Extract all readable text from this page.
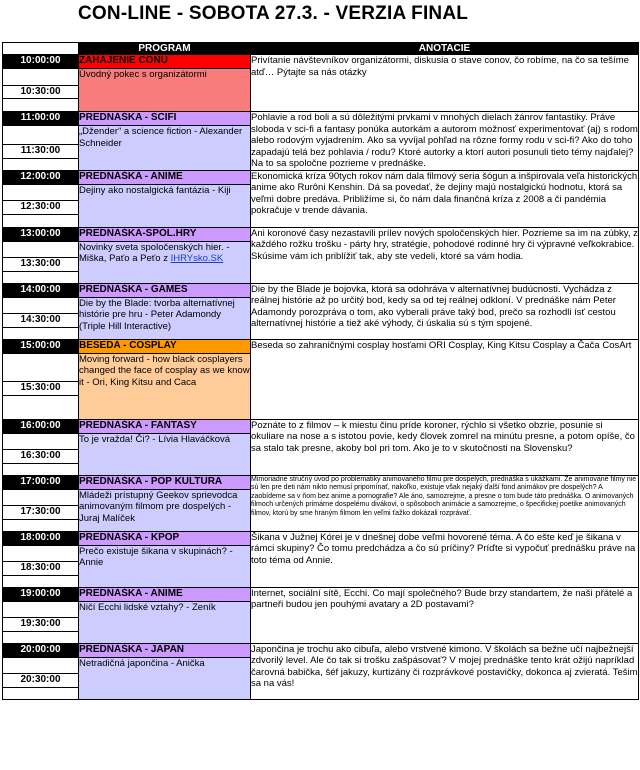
CON-LINE - SOBOTA 27.3. - VERZIA FINAL
	PROGRAM	ANOTACIE
10:00:00	ZAHÁJENIE CONU	Privítanie návštevníkov organizátormi, diskusia o stave conov, čo robíme, na čo sa tešíme atď… Pýtajte sa nás otázky
	Úvodný pokec s organizátormi	
10:30:00		

11:00:00	PREDNÁŠKA - SCIFI	Pohlavie a rod boli a sú dôležitými prvkami v mnohých dielach žánrov fantastiky. Práve sloboda v sci-fi a fantasy ponúka autorkám a autorom možnosť experimentovať (aj) s rodom alebo rodovým vyjadrením. Ako sa vyvíjal pohľad na rôzne formy rodu v sci-fi? Ako do toho zapadajú telá bez pohlavia / rodu? Ktoré autorky a ktorí autori posunuli tieto témy najďalej? Na to sa spoločne pozrieme v prednáške.
	„Džender“ a science fiction - Alexander Schneider	
11:30:00		

12:00:00	PREDNÁŠKA - ANIME	Ekonomická kríza 90tych rokov nám dala filmový seria šógun a inšpirovala veľa historických anime ako Rurôni Kenshin. Dá sa povedať, že dejiny majú nostalgickú hodnotu, ktorá sa veľmi dobre predáva. Približíme si, čo nám dala finančná kríza z 2008 a či pandémia pokračuje v trende dávania.
	Dejiny ako nostalgická fantázia - Kiji	
12:30:00		

13:00:00	PREDNÁŠKA-SPOL.HRY	Ani koronové časy nezastavili prílev nových spoločenských hier. Pozrieme sa im na zúbky, z každého rožku trošku - párty hry, stratégie, pohodové rodinné hry či výpravné veľkokrabice. Skúsime vám ich priblížiť tak, aby ste vedeli, ktoré sa vám hodia.
	Novinky sveta spoločenských hier. - Miška, Paťo a Peťo z IHRYsko.SK	
13:30:00		

14:00:00	PREDNÁŠKA - GAMES	Die by the Blade je bojovka, ktorá sa odohráva v alternatívnej budúcnosti. Vychádza z reálnej histórie až po určitý bod, kedy sa od tej reálnej odkloní. V prednáške nám Peter Adamondy porozpráva o tom, ako vyberali práve taký bod, prečo sa rozhodli ísť cestou alternatívnej histórie a tiež aké výhody, či úskalia sú s tým spojené.
	Die by the Blade: tvorba alternatívnej histórie pre hru - Peter Adamondy (Triple Hill Interactive)	
14:30:00		

15:00:00	BESEDA - COSPLAY	Beseda so zahraničnými cosplay hosťami ORI Cosplay, King Kitsu Cosplay a Čača CosArt
	Moving forward - how black cosplayers changed the face of cosplay as we know it - Ori, King Kitsu and Caca	
15:30:00		

16:00:00	PREDNÁŠKA - FANTASY	Poznáte to z filmov – k miestu činu príde koroner, rýchlo si všetko obzrie, posunie si okuliare na nose a s istotou povie, kedy človek zomrel na minútu presne, a potom opíše, čo sa stalo tak presne, akoby bol pri tom. Ako je to v skutočnosti na Slovensku?
	To je vražda! Či? - Lívia Hlaváčková	
16:30:00		

17:00:00	PREDNÁŠKA - POP KULTURA	Mimoriadne stručný úvod po problematiky animovaného filmu pre dospelých, prednáška s ukážkami. Že animované filmy nie sú len pre deti nám nikto nemusí pripomínať, nakoľko, existuje však nejaký ďalší fond animákov pre dospelých? A zaobídeme sa v ňom bez anime a pornografie? Ale áno, samozrejme, a presne o tom bude táto prednáška. O animovaných filmoch určených primárne dospelému divákovi, o spôsoboch animácie a samozrejme, o špecifickej poetike animovaných filmov, ktorú by sme hraným filmom len veľmi ťažko dokázali rozprávať.
	Mládeži prístupný Geekov sprievodca animovaným filmom pre dospelých - Juraj Malíček	
17:30:00		

18:00:00	PREDNÁŠKA - KPOP	Šikana v Južnej Kórei je v dnešnej dobe veľmi hovorené téma. A čo ešte keď je šikana v rámci skupiny? Čo tomu predchádza a čo sú príčiny? Príďte si vypočuť prednášku práve na toto téma od Annie.
	Prečo existuje šikana v skupinách? - Annie	
18:30:00		

19:00:00	PREDNÁŠKA - ANIME	Internet, sociální sítě, Ecchi. Co mají společného? Bude brzy standartem, že naši přátelé a partneři budou jen pouhými avatary a 2D postavami?
	Ničí Ecchi lidské vztahy? - Zeník	
19:30:00		

20:00:00	PREDNÁŠKA - JAPAN	Japončina je trochu ako cibuľa, alebo vrstvené kimono. V školách sa bežne učí najbežnejší zdvorilý level. Ale čo tak si trošku zašpásovať? V mojej prednáške tento krát ožijú napríklad čarovná babička, šéf jakuzy, kurtizány či rozprávkové postavičky, dokonca aj zvieratá. Tešim sa na vás!
	Netradičná japončina - Anička	
20:30:00		
